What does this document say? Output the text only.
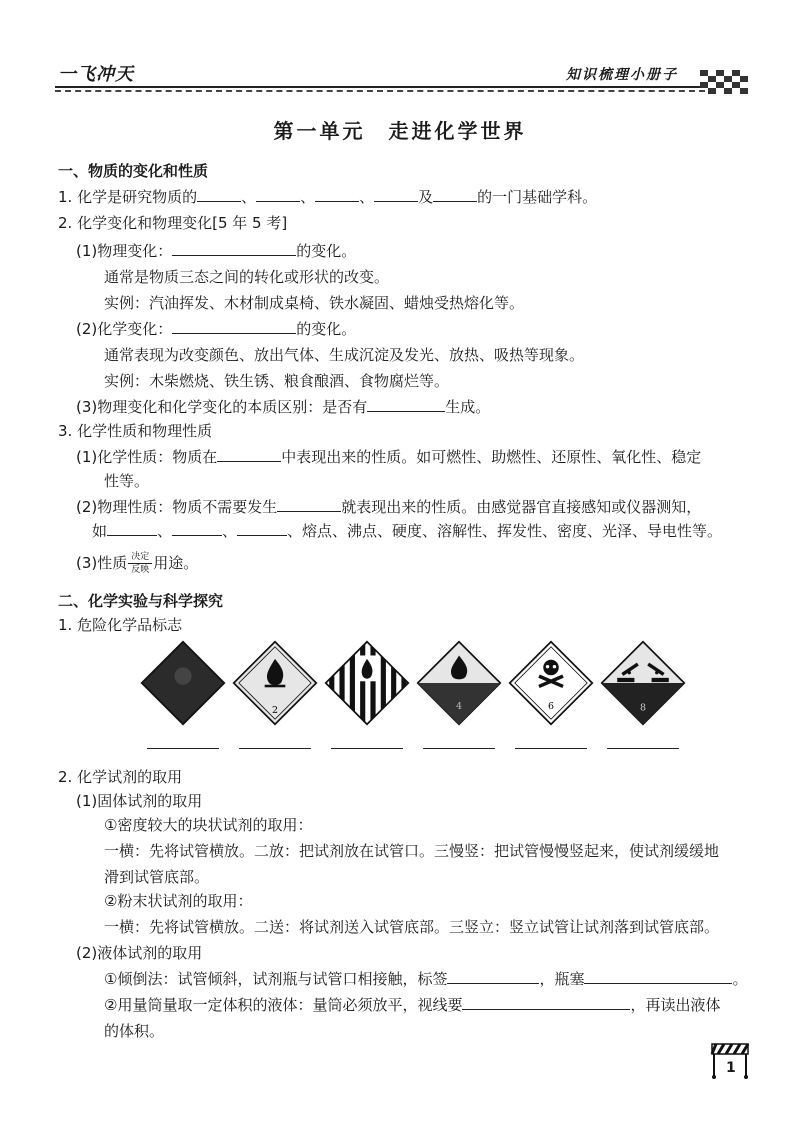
一飞冲天	知识梳理小册子
第一单元　走进化学世界
一、物质的变化和性质
1. 化学是研究物质的	、	、	、	及	的一门基础学科。
2. 化学变化和物理变化[5 年 5 考]
(1)物理变化：	的变化。
通常是物质三态之间的转化或形状的改变。
实例：汽油挥发、木材制成桌椅、铁水凝固、蜡烛受热熔化等。
(2)化学变化：	的变化。
通常表现为改变颜色、放出气体、生成沉淀及发光、放热、吸热等现象。
实例：木柴燃烧、铁生锈、粮食酿酒、食物腐烂等。
(3)物理变化和化学变化的本质区别：是否有	生成。
3. 化学性质和物理性质
(1)化学性质：物质在	中表现出来的性质。如可燃性、助燃性、还原性、氧化性、稳定
性等。
(2)物理性质：物质不需要发生	就表现出来的性质。由感觉器官直接感知或仪器测知，
如	、	、	、熔点、沸点、硬度、溶解性、挥发性、密度、光泽、导电性等。
(3)性质$\frac{\text{决定}}{\text{反映}}$用途。
二、化学实验与科学探究
1. 危险化学品标志
2	4	6	8
2. 化学试剂的取用
(1)固体试剂的取用
①密度较大的块状试剂的取用：
一横：先将试管横放。二放：把试剂放在试管口。三慢竖：把试管慢慢竖起来，使试剂缓缓地
滑到试管底部。
②粉末状试剂的取用：
一横：先将试管横放。二送：将试剂送入试管底部。三竖立：竖立试管让试剂落到试管底部。
(2)液体试剂的取用
①倾倒法：试管倾斜，试剂瓶与试管口相接触，标签	，瓶塞	。
②用量筒量取一定体积的液体：量筒必须放平，视线要	，再读出液体
的体积。
1
